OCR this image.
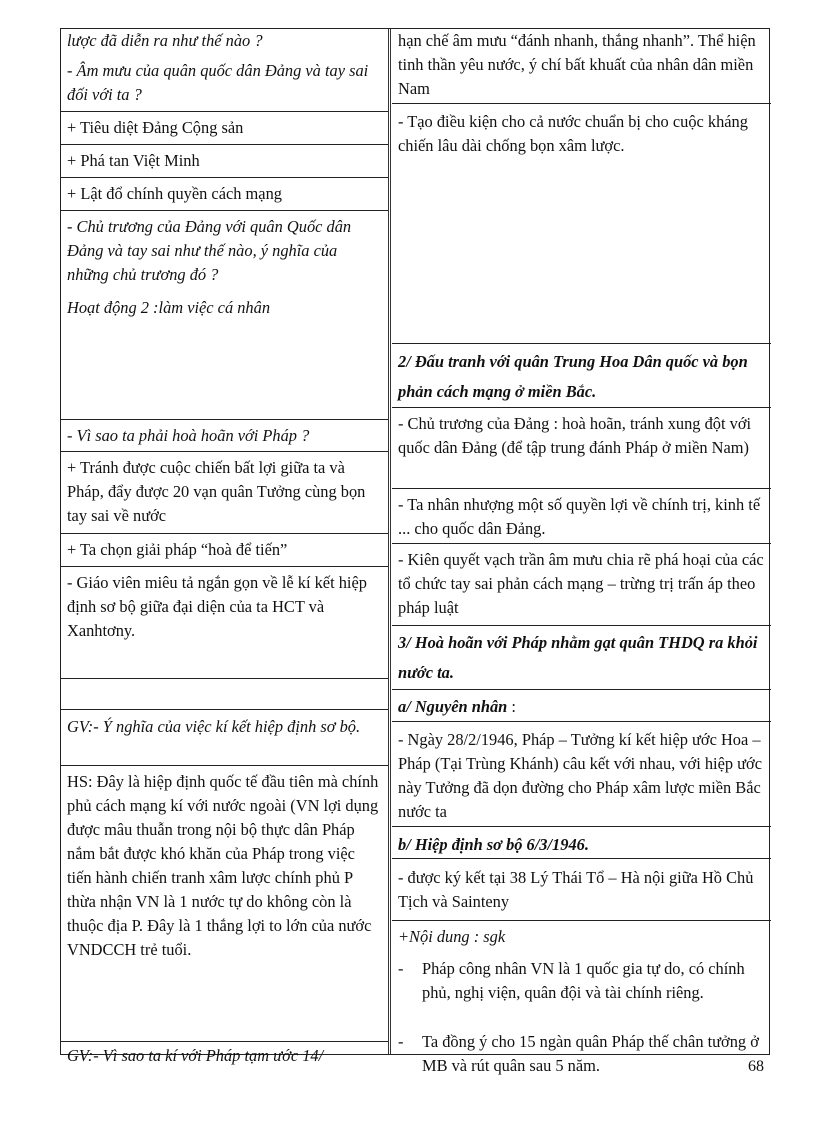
lược đã diễn ra như thế nào ?
- Âm mưu của quân quốc dân Đảng và tay sai đối với ta ?
+ Tiêu diệt Đảng Cộng sản
+ Phá tan Việt Minh
+ Lật đổ chính quyền cách mạng
- Chủ trương của Đảng với quân Quốc dân Đảng và tay sai như thế nào, ý nghĩa của những chủ trương đó ?
Hoạt động 2 :làm việc cá nhân
- Vì sao ta phải hoà hoãn với Pháp ?
+ Tránh được cuộc chiến bất lợi giữa ta và Pháp, đẩy được 20 vạn quân Tưởng cùng bọn tay sai về nước
+ Ta chọn giải pháp “hoà để tiến”
- Giáo viên miêu tả ngắn gọn về lễ kí kết hiệp định sơ bộ giữa đại diện của ta HCT và Xanhtơny.
GV:- Ý nghĩa của việc kí kết hiệp định sơ bộ.
HS: Đây là hiệp định quốc tế đầu tiên mà chính phủ cách mạng kí với nước ngoài (VN lợi dụng được mâu thuẫn trong nội bộ thực dân Pháp nắm bắt được khó khăn của Pháp trong việc tiến hành chiến tranh xâm lược chính phủ P thừa nhận VN là 1 nước tự do không còn là thuộc địa P. Đây là 1 thắng lợi to lớn của nước VNDCCH trẻ tuổi.
GV:- Vì sao ta kí với Pháp tạm ước 14/
hạn chế âm mưu “đánh nhanh, thắng nhanh”. Thể hiện tinh thần yêu nước, ý chí bất khuất của nhân dân miền Nam
- Tạo điều kiện cho cả nước chuẩn bị cho cuộc kháng chiến lâu dài chống bọn xâm lược.
2/ Đấu tranh với quân Trung Hoa Dân quốc và bọn phản cách mạng ở miền Bắc.
- Chủ trương của Đảng : hoà hoãn, tránh xung đột với quốc dân Đảng (để tập trung đánh Pháp ở miền Nam)
- Ta nhân nhượng một số quyền lợi về chính trị, kinh tế ... cho quốc dân Đảng.
- Kiên quyết vạch trần âm mưu chia rẽ phá hoại của các tổ chức tay sai phản cách mạng – trừng trị trấn áp theo pháp luật
3/ Hoà hoãn với Pháp nhằm gạt quân THDQ ra khỏi nước ta.
a/ Nguyên nhân :
- Ngày 28/2/1946, Pháp – Tưởng kí kết hiệp ước Hoa – Pháp (Tại Trùng Khánh) câu kết với nhau, với hiệp ước này Tưởng đã dọn đường cho Pháp xâm lược miền Bắc nước ta
b/ Hiệp định sơ bộ 6/3/1946.
- được ký kết tại 38 Lý Thái Tổ – Hà nội giữa Hồ Chủ Tịch và Sainteny
+Nội dung : sgk
Pháp công nhân VN là 1 quốc gia tự do, có chính phủ, nghị viện, quân đội và tài chính riêng.
-
Ta đồng ý cho 15 ngàn quân Pháp thế chân tưởng ở MB và rút quân sau 5 năm.
-
68
